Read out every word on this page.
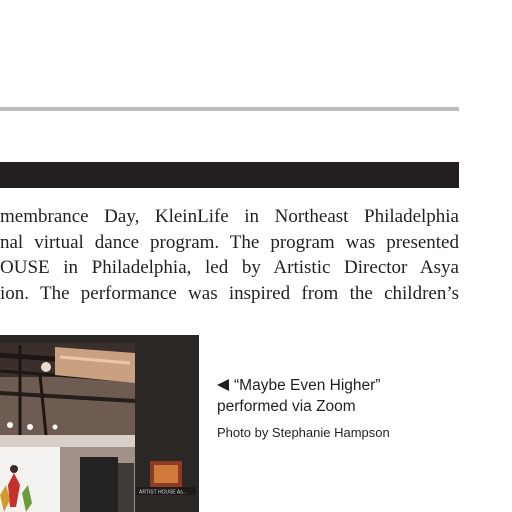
membrance Day, KleinLife in Northeast Philadelphia
nal virtual dance program. The program was presented
OUSE in Philadelphia, led by Artistic Director Asya
ion. The performance was inspired from the children’s
ARTIST HOUSE As...
“Maybe Even Higher”
performed via Zoom
Photo by Stephanie Hampson
